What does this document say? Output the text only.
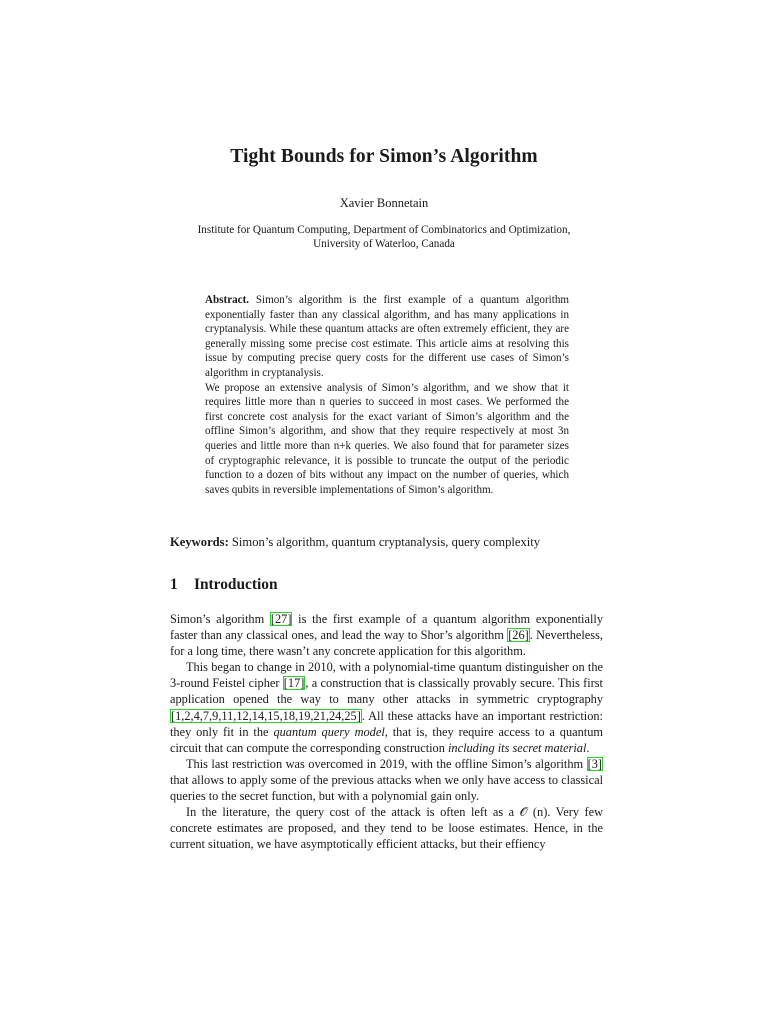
Tight Bounds for Simon’s Algorithm
Xavier Bonnetain
Institute for Quantum Computing, Department of Combinatorics and Optimization,
University of Waterloo, Canada

Abstract. Simon’s algorithm is the first example of a quantum algorithm exponentially faster than any classical algorithm, and has many applications in cryptanalysis. While these quantum attacks are often extremely efficient, they are generally missing some precise cost estimate. This article aims at resolving this issue by computing precise query costs for the different use cases of Simon’s algorithm in cryptanalysis.

We propose an extensive analysis of Simon’s algorithm, and we show that it requires little more than n queries to succeed in most cases. We performed the first concrete cost analysis for the exact variant of Simon’s algorithm and the offline Simon’s algorithm, and show that they require respectively at most 3n queries and little more than n+k queries. We also found that for parameter sizes of cryptographic relevance, it is possible to truncate the output of the periodic function to a dozen of bits without any impact on the number of queries, which saves qubits in reversible implementations of Simon’s algorithm.

Keywords: Simon’s algorithm, quantum cryptanalysis, query complexity
1 Introduction

Simon’s algorithm [27] is the first example of a quantum algorithm exponentially faster than any classical ones, and lead the way to Shor’s algorithm [26]. Nevertheless, for a long time, there wasn’t any concrete application for this algorithm.

This began to change in 2010, with a polynomial-time quantum distinguisher on the 3-round Feistel cipher [17], a construction that is classically provably secure. This first application opened the way to many other attacks in symmetric cryptography [1,2,4,7,9,11,12,14,15,18,19,21,24,25]. All these attacks have an important restriction: they only fit in the quantum query model, that is, they require access to a quantum circuit that can compute the corresponding construction including its secret material.

This last restriction was overcomed in 2019, with the offline Simon’s algorithm [3] that allows to apply some of the previous attacks when we only have access to classical queries to the secret function, but with a polynomial gain only.

In the literature, the query cost of the attack is often left as a 𝒪 (n). Very few concrete estimates are proposed, and they tend to be loose estimates. Hence, in the current situation, we have asymptotically efficient attacks, but their effiency
